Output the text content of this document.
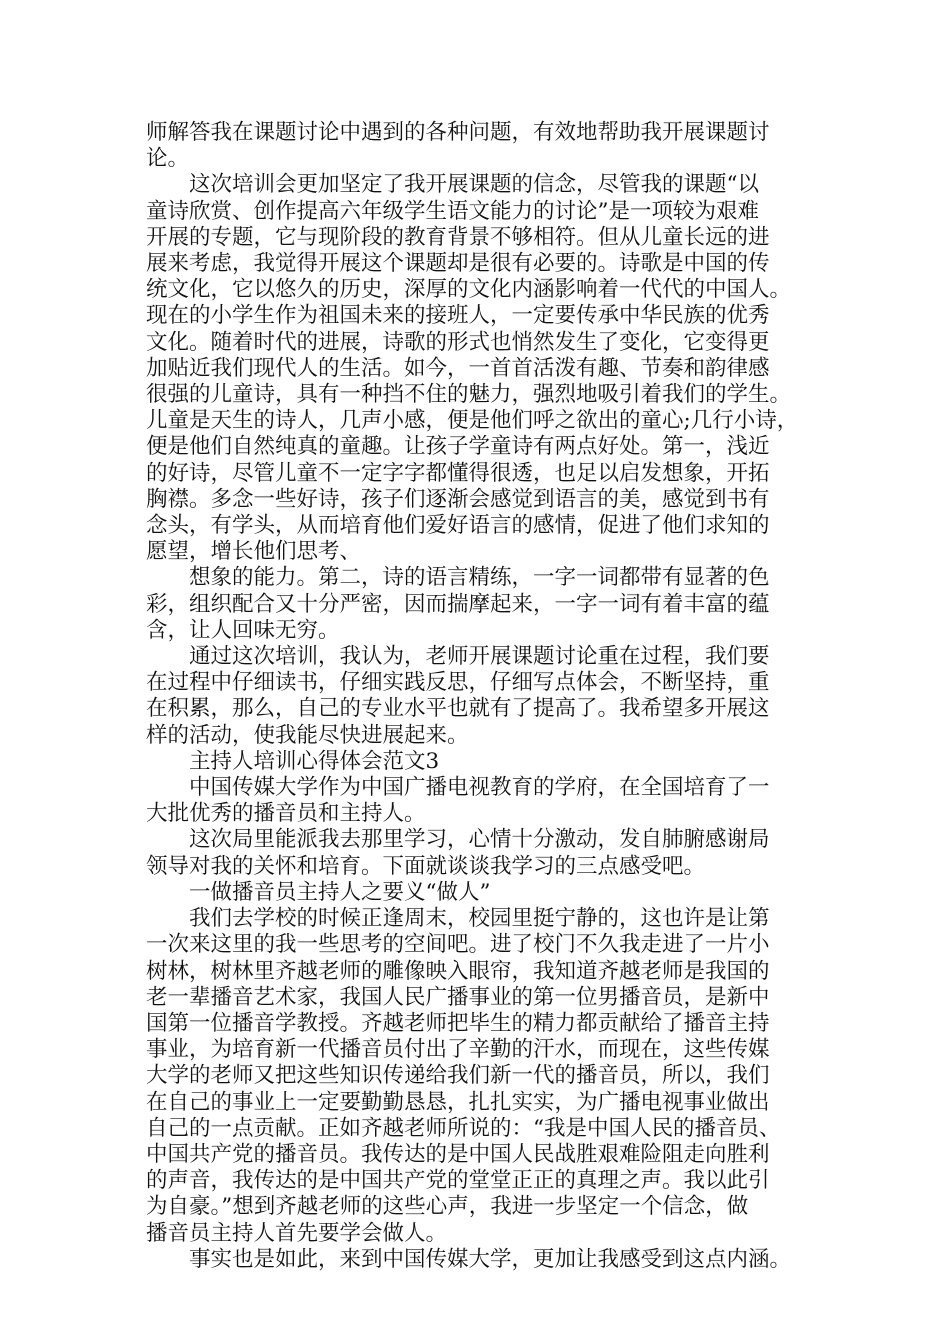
师解答我在课题讨论中遇到的各种问题，有效地帮助我开展课题讨
论。

这次培训会更加坚定了我开展课题的信念，尽管我的课题“以
童诗欣赏、创作提高六年级学生语文能力的讨论”是一项较为艰难
开展的专题，它与现阶段的教育背景不够相符。但从儿童长远的进
展来考虑，我觉得开展这个课题却是很有必要的。诗歌是中国的传
统文化，它以悠久的历史，深厚的文化内涵影响着一代代的中国人。
现在的小学生作为祖国未来的接班人，一定要传承中华民族的优秀
文化。随着时代的进展，诗歌的形式也悄然发生了变化，它变得更
加贴近我们现代人的生活。如今，一首首活泼有趣、节奏和韵律感
很强的儿童诗，具有一种挡不住的魅力，强烈地吸引着我们的学生。
儿童是天生的诗人，几声小感，便是他们呼之欲出的童心;几行小诗，
便是他们自然纯真的童趣。让孩子学童诗有两点好处。第一，浅近
的好诗，尽管儿童不一定字字都懂得很透，也足以启发想象，开拓
胸襟。多念一些好诗，孩子们逐渐会感觉到语言的美，感觉到书有
念头，有学头，从而培育他们爱好语言的感情，促进了他们求知的
愿望，增长他们思考、

想象的能力。第二，诗的语言精练，一字一词都带有显著的色
彩，组织配合又十分严密，因而揣摩起来，一字一词有着丰富的蕴
含，让人回味无穷。

通过这次培训，我认为，老师开展课题讨论重在过程，我们要
在过程中仔细读书，仔细实践反思，仔细写点体会，不断坚持，重
在积累，那么，自己的专业水平也就有了提高了。我希望多开展这
样的活动，使我能尽快进展起来。

主持人培训心得体会范文3

中国传媒大学作为中国广播电视教育的学府，在全国培育了一
大批优秀的播音员和主持人。

这次局里能派我去那里学习，心情十分激动，发自肺腑感谢局
领导对我的关怀和培育。下面就谈谈我学习的三点感受吧。

一做播音员主持人之要义“做人”

我们去学校的时候正逢周末，校园里挺宁静的，这也许是让第
一次来这里的我一些思考的空间吧。进了校门不久我走进了一片小
树林，树林里齐越老师的雕像映入眼帘，我知道齐越老师是我国的
老一辈播音艺术家，我国人民广播事业的第一位男播音员，是新中
国第一位播音学教授。齐越老师把毕生的精力都贡献给了播音主持
事业，为培育新一代播音员付出了辛勤的汗水，而现在，这些传媒
大学的老师又把这些知识传递给我们新一代的播音员，所以，我们
在自己的事业上一定要勤勤恳恳，扎扎实实，为广播电视事业做出
自己的一点贡献。正如齐越老师所说的：“我是中国人民的播音员、
中国共产党的播音员。我传达的是中国人民战胜艰难险阻走向胜利
的声音，我传达的是中国共产党的堂堂正正的真理之声。我以此引
为自豪。”想到齐越老师的这些心声，我进一步坚定一个信念，做
播音员主持人首先要学会做人。

事实也是如此，来到中国传媒大学，更加让我感受到这点内涵。
